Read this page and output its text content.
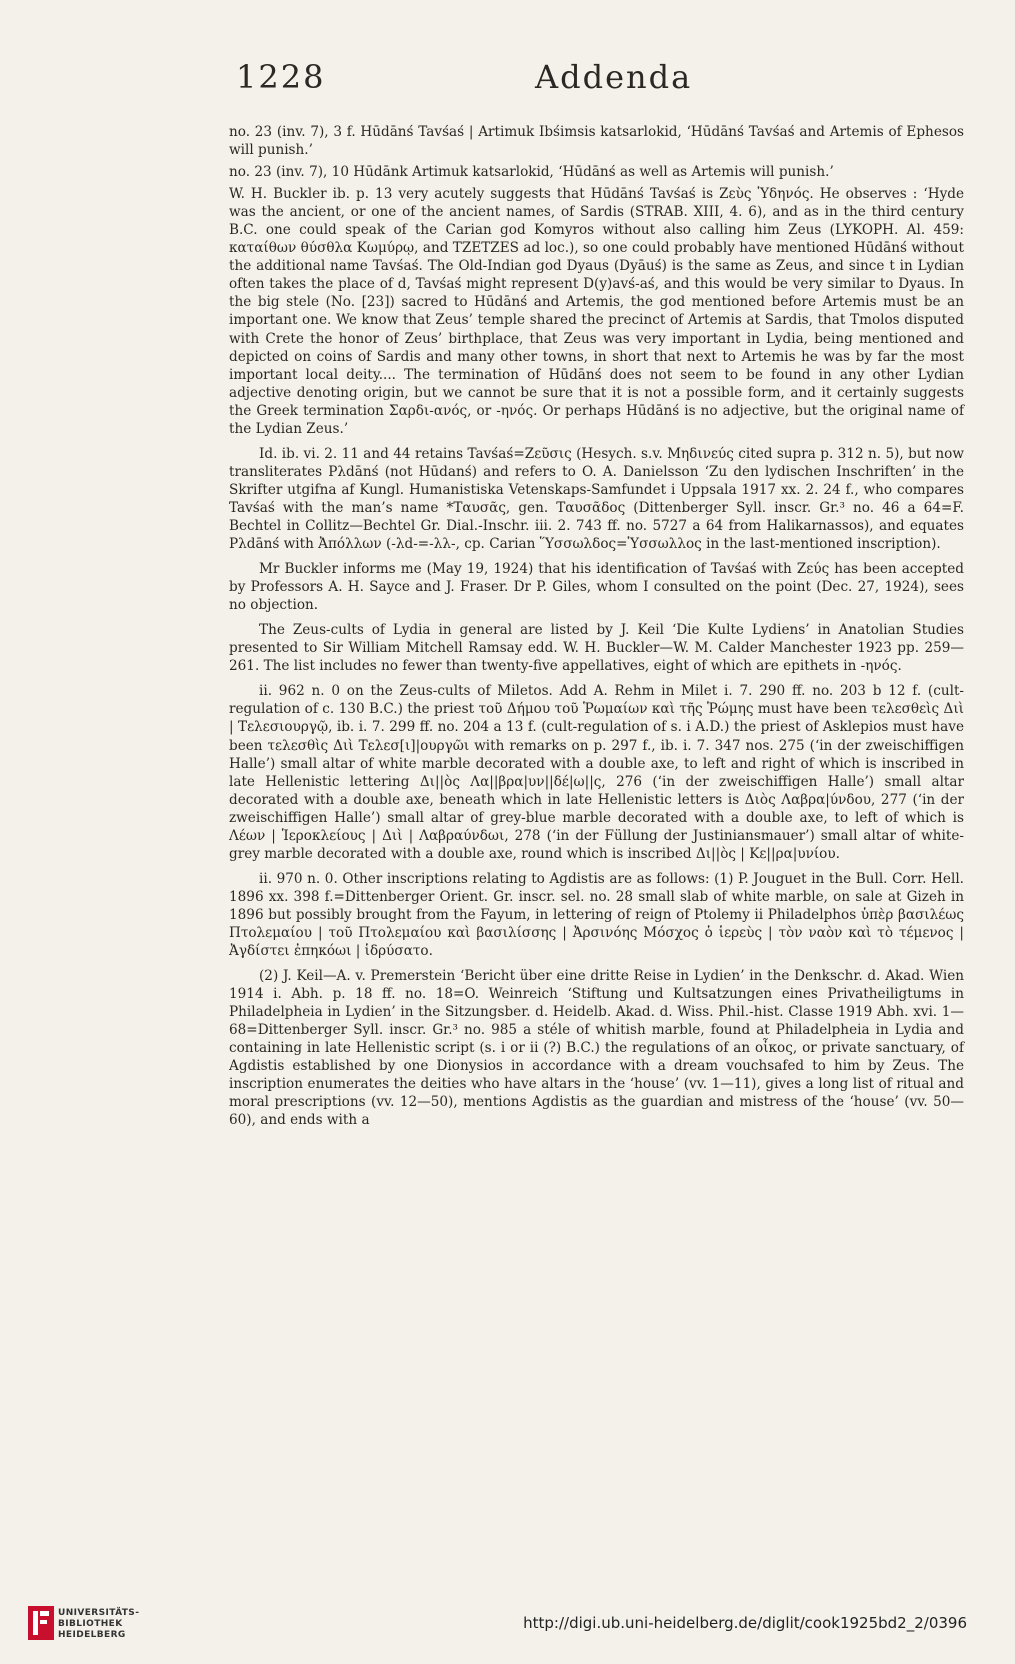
1228	Addenda

no. 23 (inv. 7), 3 f. Hūdānś Tavśaś | Artimuk Ibśimsis katsarlokid, ‘Hūdānś Tavśaś and Artemis of Ephesos will punish.’

no. 23 (inv. 7), 10 Hūdānk Artimuk katsarlokid, ‘Hūdānś as well as Artemis will punish.’

W. H. Buckler ib. p. 13 very acutely suggests that Hūdānś Tavśaś is Ζεὺς Ὑδηνός. He observes : ‘Hyde was the ancient, or one of the ancient names, of Sardis (STRAB. XIII, 4. 6), and as in the third century B.C. one could speak of the Carian god Komyros without also calling him Zeus (LYKOPH. Al. 459: καταίθων θύσθλα Κωμύρῳ, and TZETZES ad loc.), so one could probably have mentioned Hūdānś without the additional name Tavśaś. The Old-Indian god Dyaus (Dyāuś) is the same as Zeus, and since t in Lydian often takes the place of d, Tavśaś might represent D(y)avś-aś, and this would be very similar to Dyaus. In the big stele (No. [23]) sacred to Hūdānś and Artemis, the god mentioned before Artemis must be an important one. We know that Zeus’ temple shared the precinct of Artemis at Sardis, that Tmolos disputed with Crete the honor of Zeus’ birthplace, that Zeus was very important in Lydia, being mentioned and depicted on coins of Sardis and many other towns, in short that next to Artemis he was by far the most important local deity.... The termination of Hūdānś does not seem to be found in any other Lydian adjective denoting origin, but we cannot be sure that it is not a possible form, and it certainly suggests the Greek termination Σαρδι-ανός, or -ηνός. Or perhaps Hūdānś is no adjective, but the original name of the Lydian Zeus.’

Id. ib. vi. 2. 11 and 44 retains Tavśaś=Ζεῦσις (Hesych. s.v. Μηδινεύς cited supra p. 312 n. 5), but now transliterates Pλdānś (not Hūdanś) and refers to O. A. Danielsson ‘Zu den lydischen Inschriften’ in the Skrifter utgifna af Kungl. Humanistiska Vetenskaps-Samfundet i Uppsala 1917 xx. 2. 24 f., who compares Tavśaś with the man’s name *Ταυσᾶς, gen. Ταυσᾶδος (Dittenberger Syll. inscr. Gr.³ no. 46 a 64=F. Bechtel in Collitz—Bechtel Gr. Dial.-Inschr. iii. 2. 743 ff. no. 5727 a 64 from Halikarnassos), and equates Pλdānś with Ἀπόλλων (-λd-=-λλ-, cp. Carian Ὕσσωλδος=Ὑσσωλλος in the last-mentioned inscription).

Mr Buckler informs me (May 19, 1924) that his identification of Tavśaś with Ζεύς has been accepted by Professors A. H. Sayce and J. Fraser. Dr P. Giles, whom I consulted on the point (Dec. 27, 1924), sees no objection.

The Zeus-cults of Lydia in general are listed by J. Keil ‘Die Kulte Lydiens’ in Anatolian Studies presented to Sir William Mitchell Ramsay edd. W. H. Buckler—W. M. Calder Manchester 1923 pp. 259—261. The list includes no fewer than twenty-five appellatives, eight of which are epithets in -ηνός.

ii. 962 n. 0 on the Zeus-cults of Miletos. Add A. Rehm in Milet i. 7. 290 ff. no. 203 b 12 f. (cult-regulation of c. 130 B.C.) the priest τοῦ Δήμου τοῦ Ῥωμαίων καὶ τῆς Ῥώμης must have been τελεσθεὶς Διὶ | Τελεσιουργῷ, ib. i. 7. 299 ff. no. 204 a 13 f. (cult-regulation of s. i A.D.) the priest of Asklepios must have been τελεσθὶς Διὶ Τελεσ[ι]|ουργῶι with remarks on p. 297 f., ib. i. 7. 347 nos. 275 (‘in der zweischiffigen Halle’) small altar of white marble decorated with a double axe, to left and right of which is inscribed in late Hellenistic lettering Δι||ὸς Λα||βρα|υν||δέ|ω||ς, 276 (‘in der zweischiffigen Halle’) small altar decorated with a double axe, beneath which in late Hellenistic letters is Διὸς Λαβρα|ύνδου, 277 (‘in der zweischiffigen Halle’) small altar of grey-blue marble decorated with a double axe, to left of which is Λέων | Ἱεροκλείους | Διὶ | Λαβραύνδωι, 278 (‘in der Füllung der Justiniansmauer’) small altar of white-grey marble decorated with a double axe, round which is inscribed Δι||ὸς | Κε||ρα|υνίου.

ii. 970 n. 0. Other inscriptions relating to Agdistis are as follows: (1) P. Jouguet in the Bull. Corr. Hell. 1896 xx. 398 f.=Dittenberger Orient. Gr. inscr. sel. no. 28 small slab of white marble, on sale at Gizeh in 1896 but possibly brought from the Fayum, in lettering of reign of Ptolemy ii Philadelphos ὑπὲρ βασιλέως Πτολεμαίου | τοῦ Πτολεμαίου καὶ βασιλίσσης | Ἀρσινόης Μόσχος ὁ ἱερεὺς | τὸν ναὸν καὶ τὸ τέμενος | Ἀγδίστει ἐπηκόωι | ἱδρύσατο.

(2) J. Keil—A. v. Premerstein ‘Bericht über eine dritte Reise in Lydien’ in the Denkschr. d. Akad. Wien 1914 i. Abh. p. 18 ff. no. 18=O. Weinreich ‘Stiftung und Kultsatzungen eines Privatheiligtums in Philadelpheia in Lydien’ in the Sitzungsber. d. Heidelb. Akad. d. Wiss. Phil.-hist. Classe 1919 Abh. xvi. 1—68=Dittenberger Syll. inscr. Gr.³ no. 985 a stéle of whitish marble, found at Philadelpheia in Lydia and containing in late Hellenistic script (s. i or ii (?) B.C.) the regulations of an οἶκος, or private sanctuary, of Agdistis established by one Dionysios in accordance with a dream vouchsafed to him by Zeus. The inscription enumerates the deities who have altars in the ‘house’ (vv. 1—11), gives a long list of ritual and moral prescriptions (vv. 12—50), mentions Agdistis as the guardian and mistress of the ‘house’ (vv. 50—60), and ends with a

UNIVERSITÄTS-
BIBLIOTHEK
HEIDELBERG
http://digi.ub.uni-heidelberg.de/diglit/cook1925bd2_2/0396
